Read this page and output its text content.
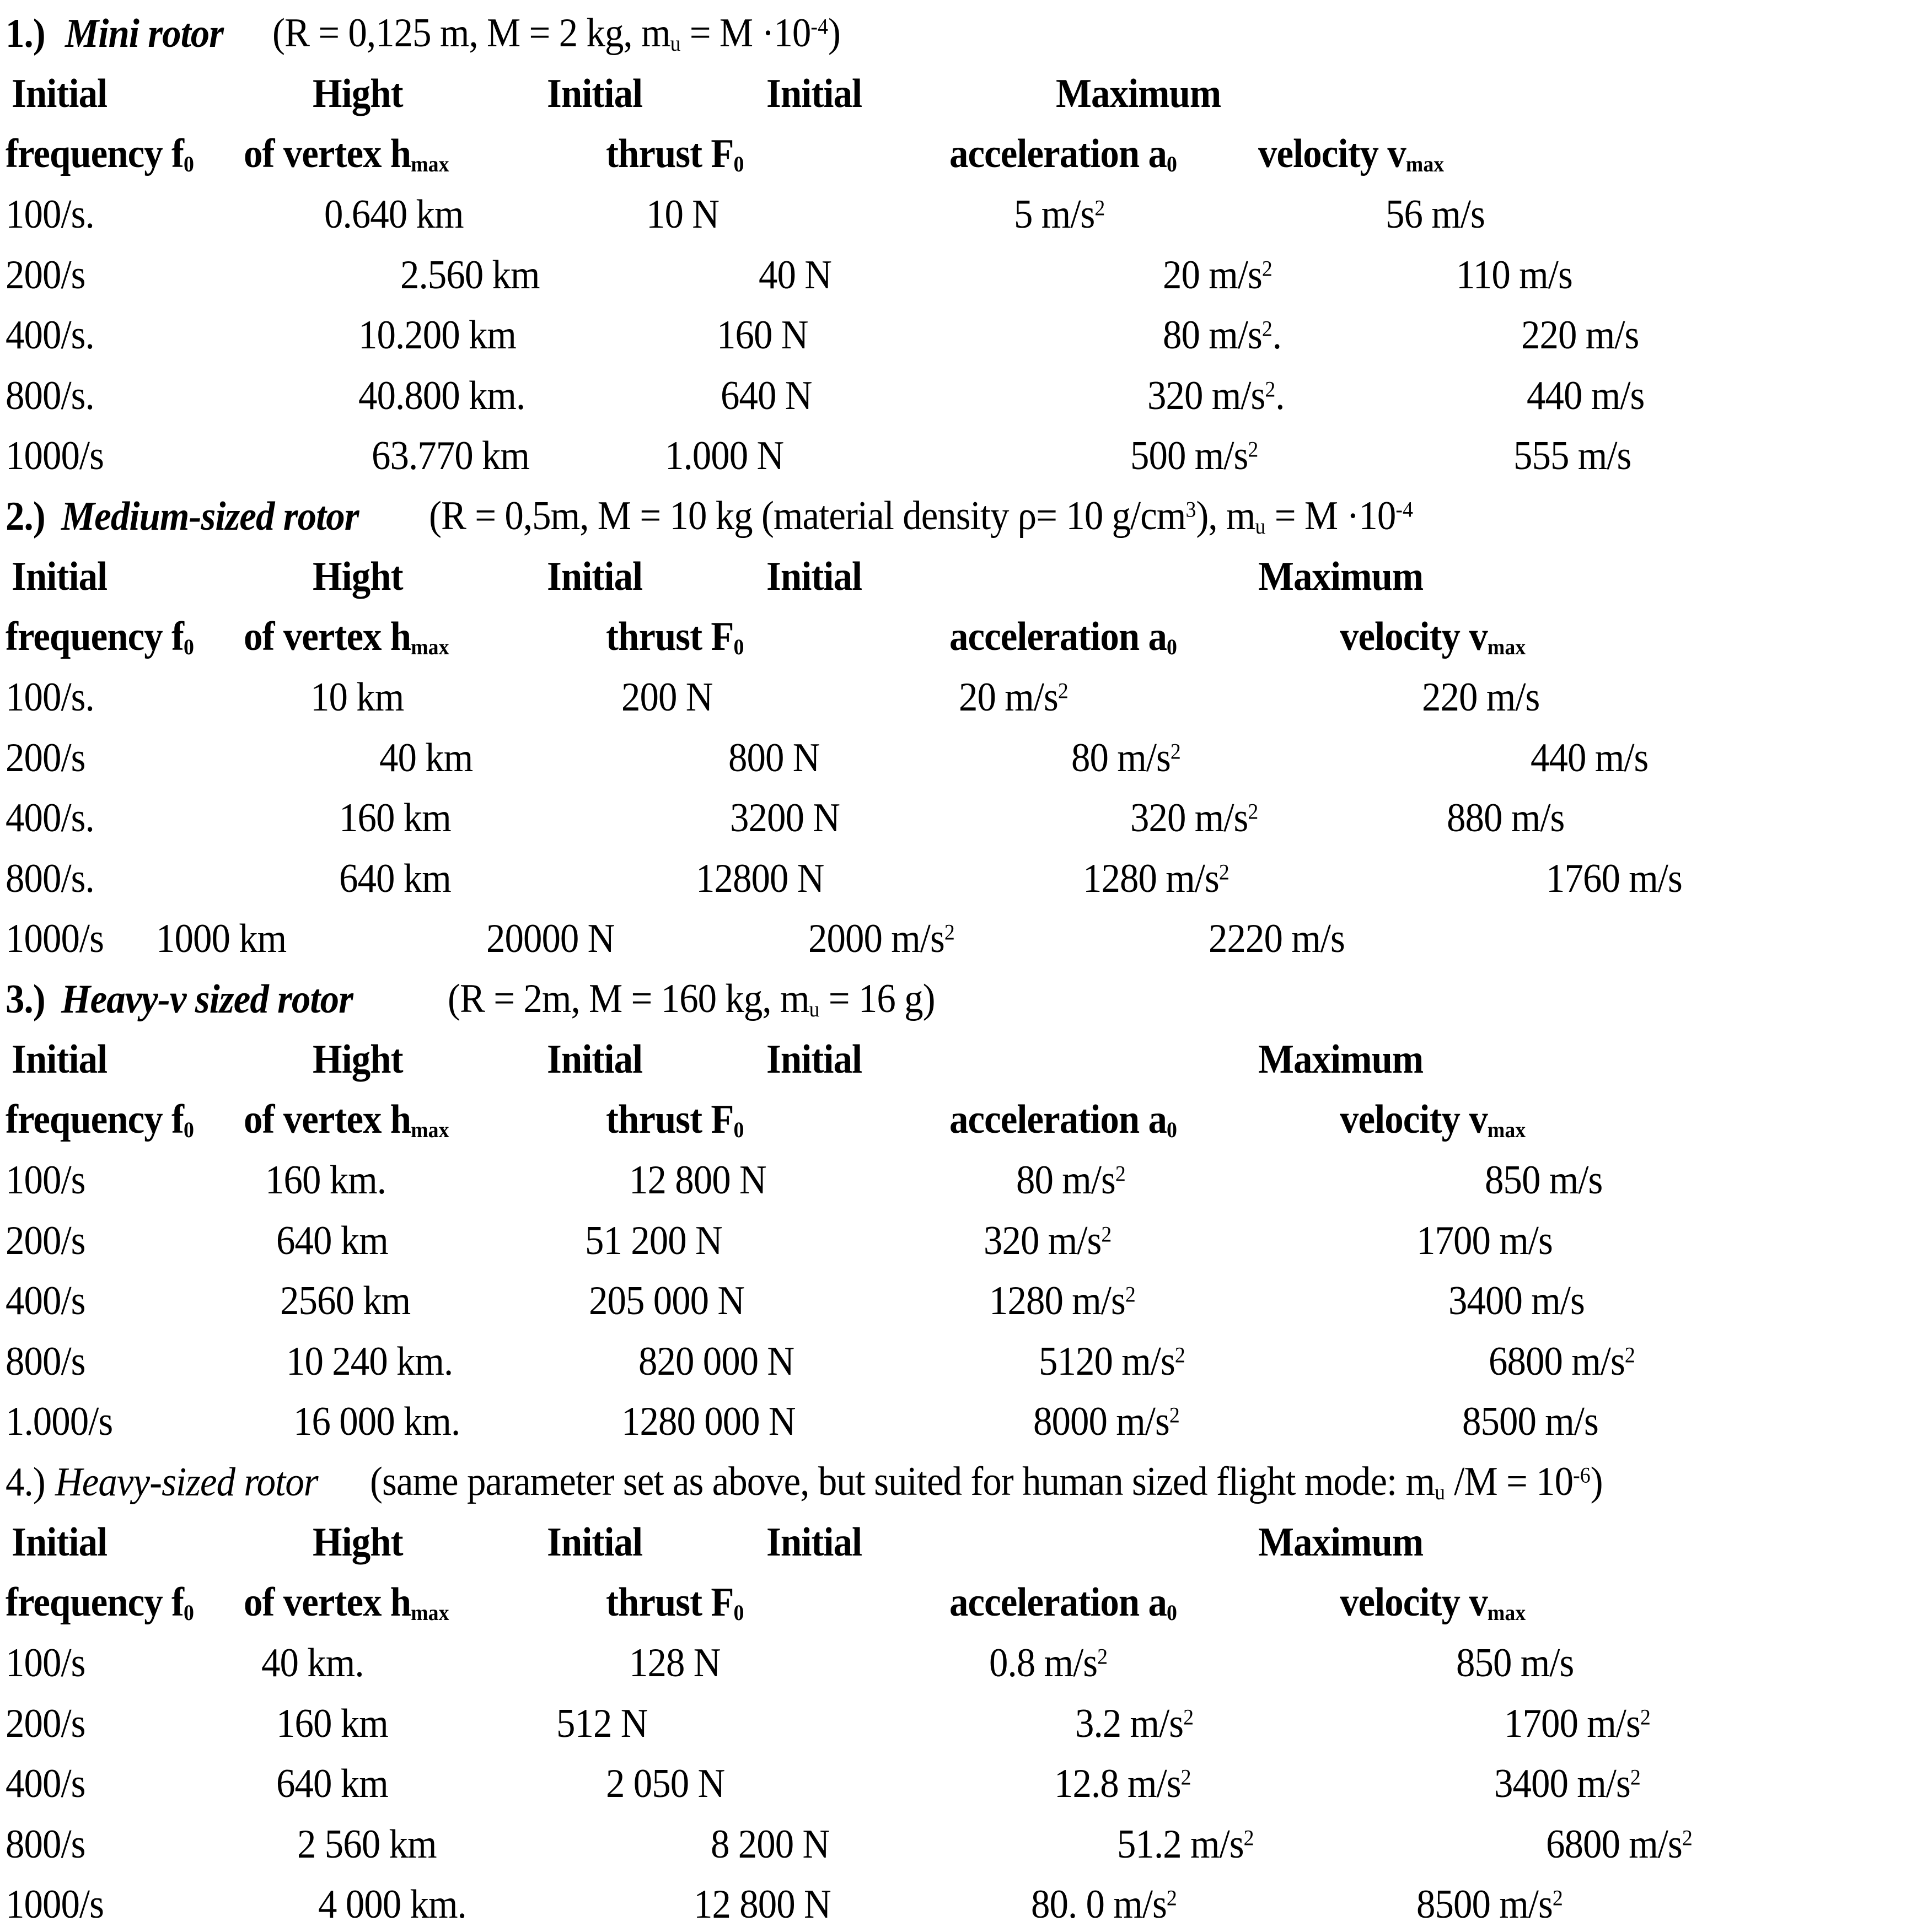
1.) Mini rotor (R = 0,125 m, M = 2 kg, $m_u = M \cdot 10^{-4}$)
Initial	Hight	Initial	Initial	Maximum
frequency $f_0$ of vertex $h_{max}$	thrust $F_0$	acceleration $a_0$ velocity $v_{max}$
100/s.	0.640 km	10 N	5 $m/s^2$	56 m/s
200/s	2.560 km	40 N	20 $m/s^2$	110 m/s
400/s.	10.200 km	160 N	80 $m/s^2$.	220 m/s
800/s.	40.800 km.	640 N	320 $m/s^2$.	440 m/s
1000/s	63.770 km	1.000 N	500 $m/s^2$	555 m/s
2.) Medium-sized rotor (R = 0,5m, M = 10 kg (material density ρ= 10 $g/cm^3$), $m_u = M \cdot 10^{-4}$
Initial	Hight	Initial	Initial	Maximum
frequency $f_0$ of vertex $h_{max}$	thrust $F_0$	acceleration $a_0$	velocity $v_{max}$
100/s.	10 km	200 N	20 $m/s^2$	220 m/s
200/s	40 km	800 N	80 $m/s^2$	440 m/s
400/s.	160 km	3200 N	320 $m/s^2$	880 m/s
800/s.	640 km	12800 N	1280 $m/s^2$	1760 m/s
1000/s 1000 km	20000 N	2000 $m/s^2$	2220 m/s
3.) Heavy-v sized rotor (R = 2m, M = 160 kg, $m_u = 16$ g)
Initial	Hight	Initial	Initial	Maximum
frequency $f_0$ of vertex $h_{max}$	thrust $F_0$	acceleration $a_0$	velocity $v_{max}$
100/s	160 km.	12 800 N	80 $m/s^2$	850 m/s
200/s	640 km	51 200 N	320 $m/s^2$	1700 m/s
400/s	2560 km	205 000 N	1280 $m/s^2$	3400 m/s
800/s	10 240 km.	820 000 N	5120 $m/s^2$	6800 $m/s^2$
1.000/s	16 000 km.	1280 000 N	8000 $m/s^2$	8500 m/s
4.) Heavy-sized rotor (same parameter set as above, but suited for human sized flight mode: $m_u$ $/M = 10^{-6}$)
Initial	Hight	Initial	Initial	Maximum
frequency $f_0$ of vertex $h_{max}$	thrust $F_0$	acceleration $a_0$	velocity $v_{max}$
100/s	40 km.	128 N	0.8 $m/s^2$	850 m/s
200/s	160 km	512 N	3.2 $m/s^2$	1700 $m/s^2$
400/s	640 km	2 050 N	12.8 $m/s^2$	3400 $m/s^2$
800/s	2 560 km	8 200 N	51.2 $m/s^2$	6800 $m/s^2$
1000/s	4 000 km.	12 800 N	80. 0 $m/s^2$	8500 $m/s^2$
